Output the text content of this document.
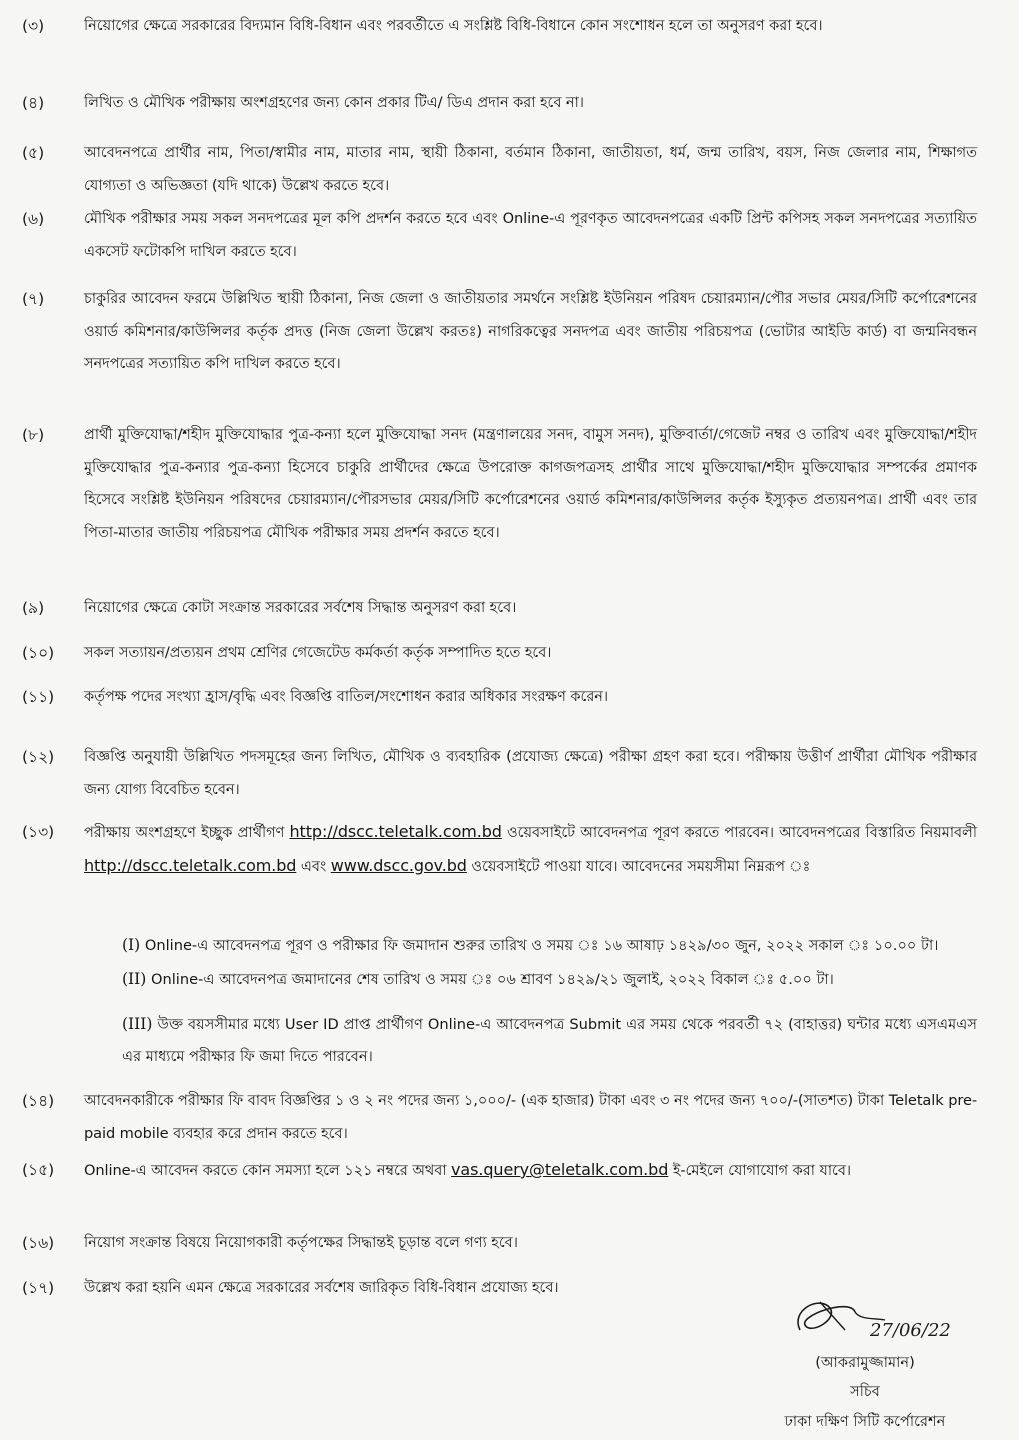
(৩)	নিয়োগের ক্ষেত্রে সরকারের বিদ্যমান বিধি-বিধান এবং পরবর্তীতে এ সংশ্লিষ্ট বিধি-বিধানে কোন সংশোধন হলে তা অনুসরণ করা হবে।
(৪)	লিখিত ও মৌখিক পরীক্ষায় অংশগ্রহণের জন্য কোন প্রকার টিএ/ ডিএ প্রদান করা হবে না।
(৫)	আবেদনপত্রে প্রার্থীর নাম, পিতা/স্বামীর নাম, মাতার নাম, স্থায়ী ঠিকানা, বর্তমান ঠিকানা, জাতীয়তা, ধর্ম, জন্ম তারিখ, বয়স, নিজ জেলার নাম, শিক্ষাগত যোগ্যতা ও অভিজ্ঞতা (যদি থাকে) উল্লেখ করতে হবে।
(৬)	মৌখিক পরীক্ষার সময় সকল সনদপত্রের মূল কপি প্রদর্শন করতে হবে এবং Online-এ পূরণকৃত আবেদনপত্রের একটি প্রিন্ট কপিসহ সকল সনদপত্রের সত্যায়িত একসেট ফটোকপি দাখিল করতে হবে।
(৭)	চাকুরির আবেদন ফরমে উল্লিখিত স্থায়ী ঠিকানা, নিজ জেলা ও জাতীয়তার সমর্থনে সংশ্লিষ্ট ইউনিয়ন পরিষদ চেয়ারম্যান/পৌর সভার মেয়র/সিটি কর্পোরেশনের ওয়ার্ড কমিশনার/কাউন্সিলর কর্তৃক প্রদত্ত (নিজ জেলা উল্লেখ করতঃ) নাগরিকত্বের সনদপত্র এবং জাতীয় পরিচয়পত্র (ভোটার আইডি কার্ড) বা জন্মনিবন্ধন সনদপত্রের সত্যায়িত কপি দাখিল করতে হবে।
(৮)	প্রার্থী মুক্তিযোদ্ধা/শহীদ মুক্তিযোদ্ধার পুত্র-কন্যা হলে মুক্তিযোদ্ধা সনদ (মন্ত্রণালয়ের সনদ, বামুস সনদ), মুক্তিবার্তা/গেজেট নম্বর ও তারিখ এবং মুক্তিযোদ্ধা/শহীদ মুক্তিযোদ্ধার পুত্র-কন্যার পুত্র-কন্যা হিসেবে চাকুরি প্রার্থীদের ক্ষেত্রে উপরোক্ত কাগজপত্রসহ প্রার্থীর সাথে মুক্তিযোদ্ধা/শহীদ মুক্তিযোদ্ধার সম্পর্কের প্রমাণক হিসেবে সংশ্লিষ্ট ইউনিয়ন পরিষদের চেয়ারম্যান/পৌরসভার মেয়র/সিটি কর্পোরেশনের ওয়ার্ড কমিশনার/কাউন্সিলর কর্তৃক ইস্যুকৃত প্রত্যয়নপত্র। প্রার্থী এবং তার পিতা-মাতার জাতীয় পরিচয়পত্র মৌখিক পরীক্ষার সময় প্রদর্শন করতে হবে।
(৯)	নিয়োগের ক্ষেত্রে কোটা সংক্রান্ত সরকারের সর্বশেষ সিদ্ধান্ত অনুসরণ করা হবে।
(১০)	সকল সত্যায়ন/প্রত্যয়ন প্রথম শ্রেণির গেজেটেড কর্মকর্তা কর্তৃক সম্পাদিত হতে হবে।
(১১)	কর্তৃপক্ষ পদের সংখ্যা হ্রাস/বৃদ্ধি এবং বিজ্ঞপ্তি বাতিল/সংশোধন করার অধিকার সংরক্ষণ করেন।
(১২)	বিজ্ঞপ্তি অনুযায়ী উল্লিখিত পদসমূহের জন্য লিখিত, মৌখিক ও ব্যবহারিক (প্রযোজ্য ক্ষেত্রে) পরীক্ষা গ্রহণ করা হবে। পরীক্ষায় উত্তীর্ণ প্রার্থীরা মৌখিক পরীক্ষার জন্য যোগ্য বিবেচিত হবেন।
(১৩)	পরীক্ষায় অংশগ্রহণে ইচ্ছুক প্রার্থীগণ http://dscc.teletalk.com.bd ওয়েবসাইটে আবেদনপত্র পূরণ করতে পারবেন। আবেদনপত্রের বিস্তারিত নিয়মাবলী http://dscc.teletalk.com.bd এবং www.dscc.gov.bd ওয়েবসাইটে পাওয়া যাবে। আবেদনের সময়সীমা নিম্নরূপ ঃ
(I) Online-এ আবেদনপত্র পূরণ ও পরীক্ষার ফি জমাদান শুরুর তারিখ ও সময় ঃ ১৬ আষাঢ় ১৪২৯/৩০ জুন, ২০২২ সকাল ঃ ১০.০০ টা।
(II) Online-এ আবেদনপত্র জমাদানের শেষ তারিখ ও সময় ঃ ০৬ শ্রাবণ ১৪২৯/২১ জুলাই, ২০২২ বিকাল ঃ ৫.০০ টা।
(III) উক্ত বয়সসীমার মধ্যে User ID প্রাপ্ত প্রার্থীগণ Online-এ আবেদনপত্র Submit এর সময় থেকে পরবর্তী ৭২ (বাহাত্তর) ঘন্টার মধ্যে এসএমএস এর মাধ্যমে পরীক্ষার ফি জমা দিতে পারবেন।
(১৪)	আবেদনকারীকে পরীক্ষার ফি বাবদ বিজ্ঞপ্তির ১ ও ২ নং পদের জন্য ১,০০০/- (এক হাজার) টাকা এবং ৩ নং পদের জন্য ৭০০/-(সাতশত) টাকা Teletalk pre-paid mobile ব্যবহার করে প্রদান করতে হবে।
(১৫)	Online-এ আবেদন করতে কোন সমস্যা হলে ১২১ নম্বরে অথবা vas.query@teletalk.com.bd ই-মেইলে যোগাযোগ করা যাবে।
(১৬)	নিয়োগ সংক্রান্ত বিষয়ে নিয়োগকারী কর্তৃপক্ষের সিদ্ধান্তই চূড়ান্ত বলে গণ্য হবে।
(১৭)	উল্লেখ করা হয়নি এমন ক্ষেত্রে সরকারের সর্বশেষ জারিকৃত বিধি-বিধান প্রযোজ্য হবে।
27/06/22
(আকরামুজ্জামান)
সচিব
ঢাকা দক্ষিণ সিটি কর্পোরেশন
